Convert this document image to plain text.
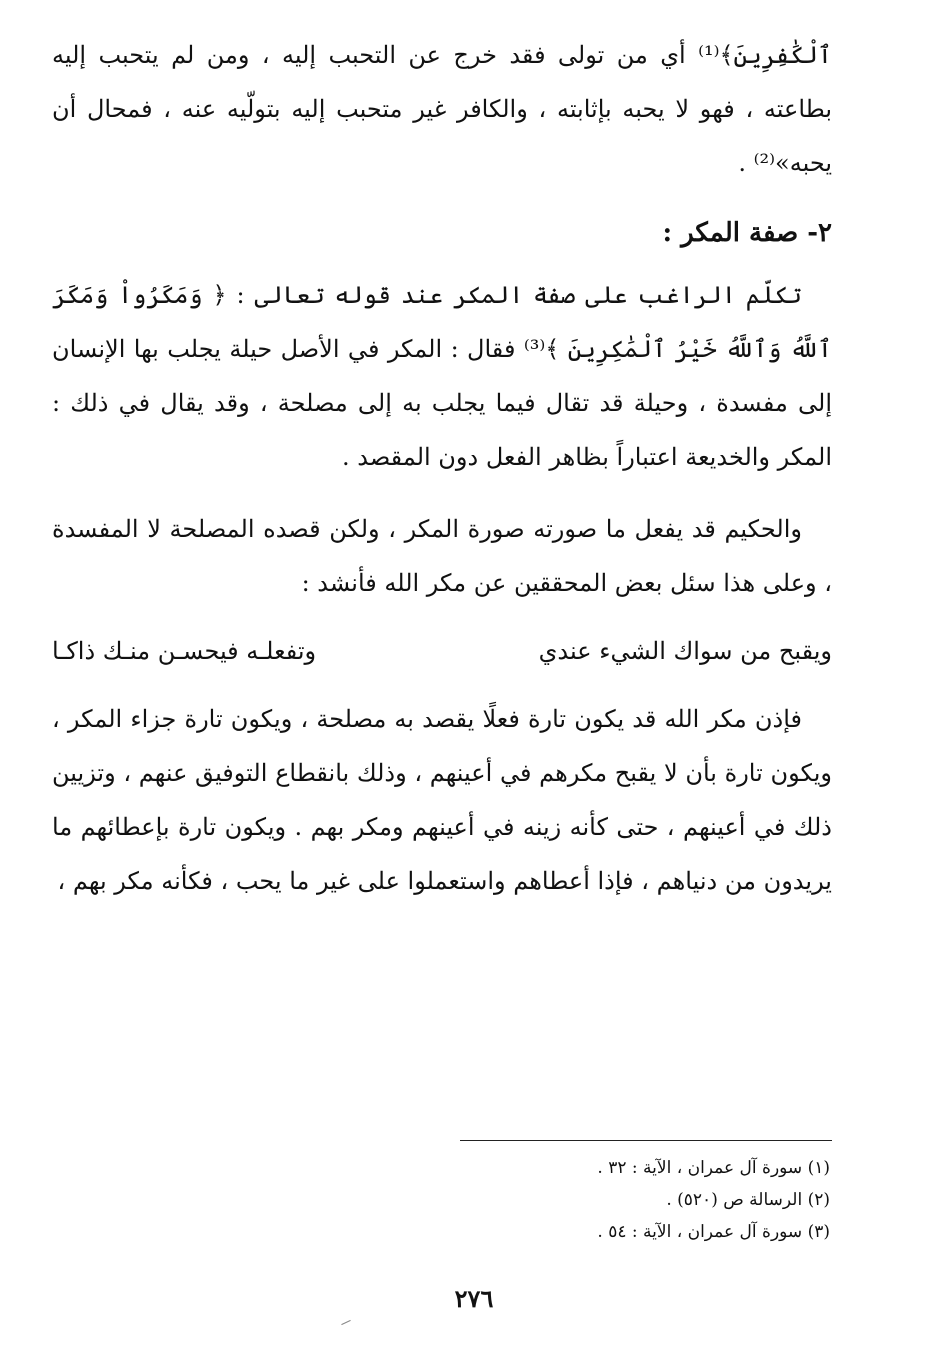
ٱلْكَٰفِرِينَ﴾⁽¹⁾ أي من تولى فقد خرج عن التحبب إليه ، ومن لم يتحبب إليه بطاعته ، فهو لا يحبه بإثابته ، والكافر غير متحبب إليه بتولّيه عنه ، فمحال أن يحبه»⁽²⁾ .

٢- صفة المكر :

تكلّم الراغب على صفة المكر عند قوله تعالى : ﴿ وَمَكَرُواْ وَمَكَرَ ٱللَّهُ وَٱللَّهُ خَيْرُ ٱلْمَٰكِرِينَ ﴾⁽³⁾ فقال : المكر في الأصل حيلة يجلب بها الإنسان إلى مفسدة ، وحيلة قد تقال فيما يجلب به إلى مصلحة ، وقد يقال في ذلك : المكر والخديعة اعتباراً بظاهر الفعل دون المقصد .

والحكيم قد يفعل ما صورته صورة المكر ، ولكن قصده المصلحة لا المفسدة ، وعلى هذا سئل بعض المحققين عن مكر الله فأنشد :

ويقبح من سواك الشيء عندي
وتفعلـه فيحسـن منـك ذاكـا

فإذن مكر الله قد يكون تارة فعلًا يقصد به مصلحة ، ويكون تارة جزاء المكر ، ويكون تارة بأن لا يقبح مكرهم في أعينهم ، وذلك بانقطاع التوفيق عنهم ، وتزيين ذلك في أعينهم ، حتى كأنه زينه في أعينهم ومكر بهم . ويكون تارة بإعطائهم ما يريدون من دنياهم ، فإذا أعطاهم واستعملوا على غير ما يحب ، فكأنه مكر بهم ،

(١) سورة آل عمران ، الآية : ٣٢ .
(٢) الرسالة ص (٥٢٠) .
(٣) سورة آل عمران ، الآية : ٥٤ .
٢٧٦
